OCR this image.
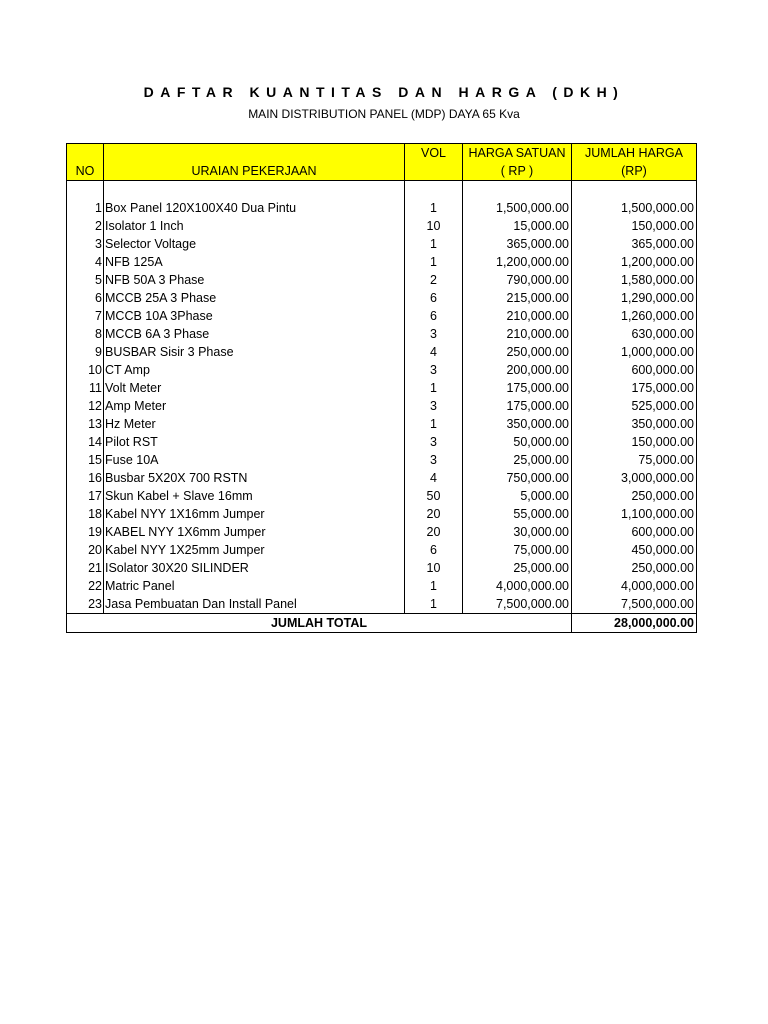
DAFTAR KUANTITAS DAN HARGA (DKH)
MAIN DISTRIBUTION PANEL (MDP) DAYA 65 Kva
		VOL	HARGA SATUAN	JUMLAH HARGA
NO	URAIAN PEKERJAAN		( RP )	(RP)

1	Box Panel 120X100X40 Dua Pintu	1	1,500,000.00	1,500,000.00
2	Isolator 1 Inch	10	15,000.00	150,000.00
3	Selector Voltage	1	365,000.00	365,000.00
4	NFB 125A	1	1,200,000.00	1,200,000.00
5	NFB 50A 3 Phase	2	790,000.00	1,580,000.00
6	MCCB 25A 3 Phase	6	215,000.00	1,290,000.00
7	MCCB 10A 3Phase	6	210,000.00	1,260,000.00
8	MCCB 6A 3 Phase	3	210,000.00	630,000.00
9	BUSBAR Sisir 3 Phase	4	250,000.00	1,000,000.00
10	CT Amp	3	200,000.00	600,000.00
11	Volt Meter	1	175,000.00	175,000.00
12	Amp Meter	3	175,000.00	525,000.00
13	Hz Meter	1	350,000.00	350,000.00
14	Pilot RST	3	50,000.00	150,000.00
15	Fuse 10A	3	25,000.00	75,000.00
16	Busbar 5X20X 700 RSTN	4	750,000.00	3,000,000.00
17	Skun Kabel + Slave 16mm	50	5,000.00	250,000.00
18	Kabel NYY 1X16mm Jumper	20	55,000.00	1,100,000.00
19	KABEL NYY 1X6mm Jumper	20	30,000.00	600,000.00
20	Kabel NYY 1X25mm Jumper	6	75,000.00	450,000.00
21	ISolator 30X20 SILINDER	10	25,000.00	250,000.00
22	Matric Panel	1	4,000,000.00	4,000,000.00
23	Jasa Pembuatan Dan Install Panel	1	7,500,000.00	7,500,000.00
JUMLAH TOTAL				28,000,000.00
